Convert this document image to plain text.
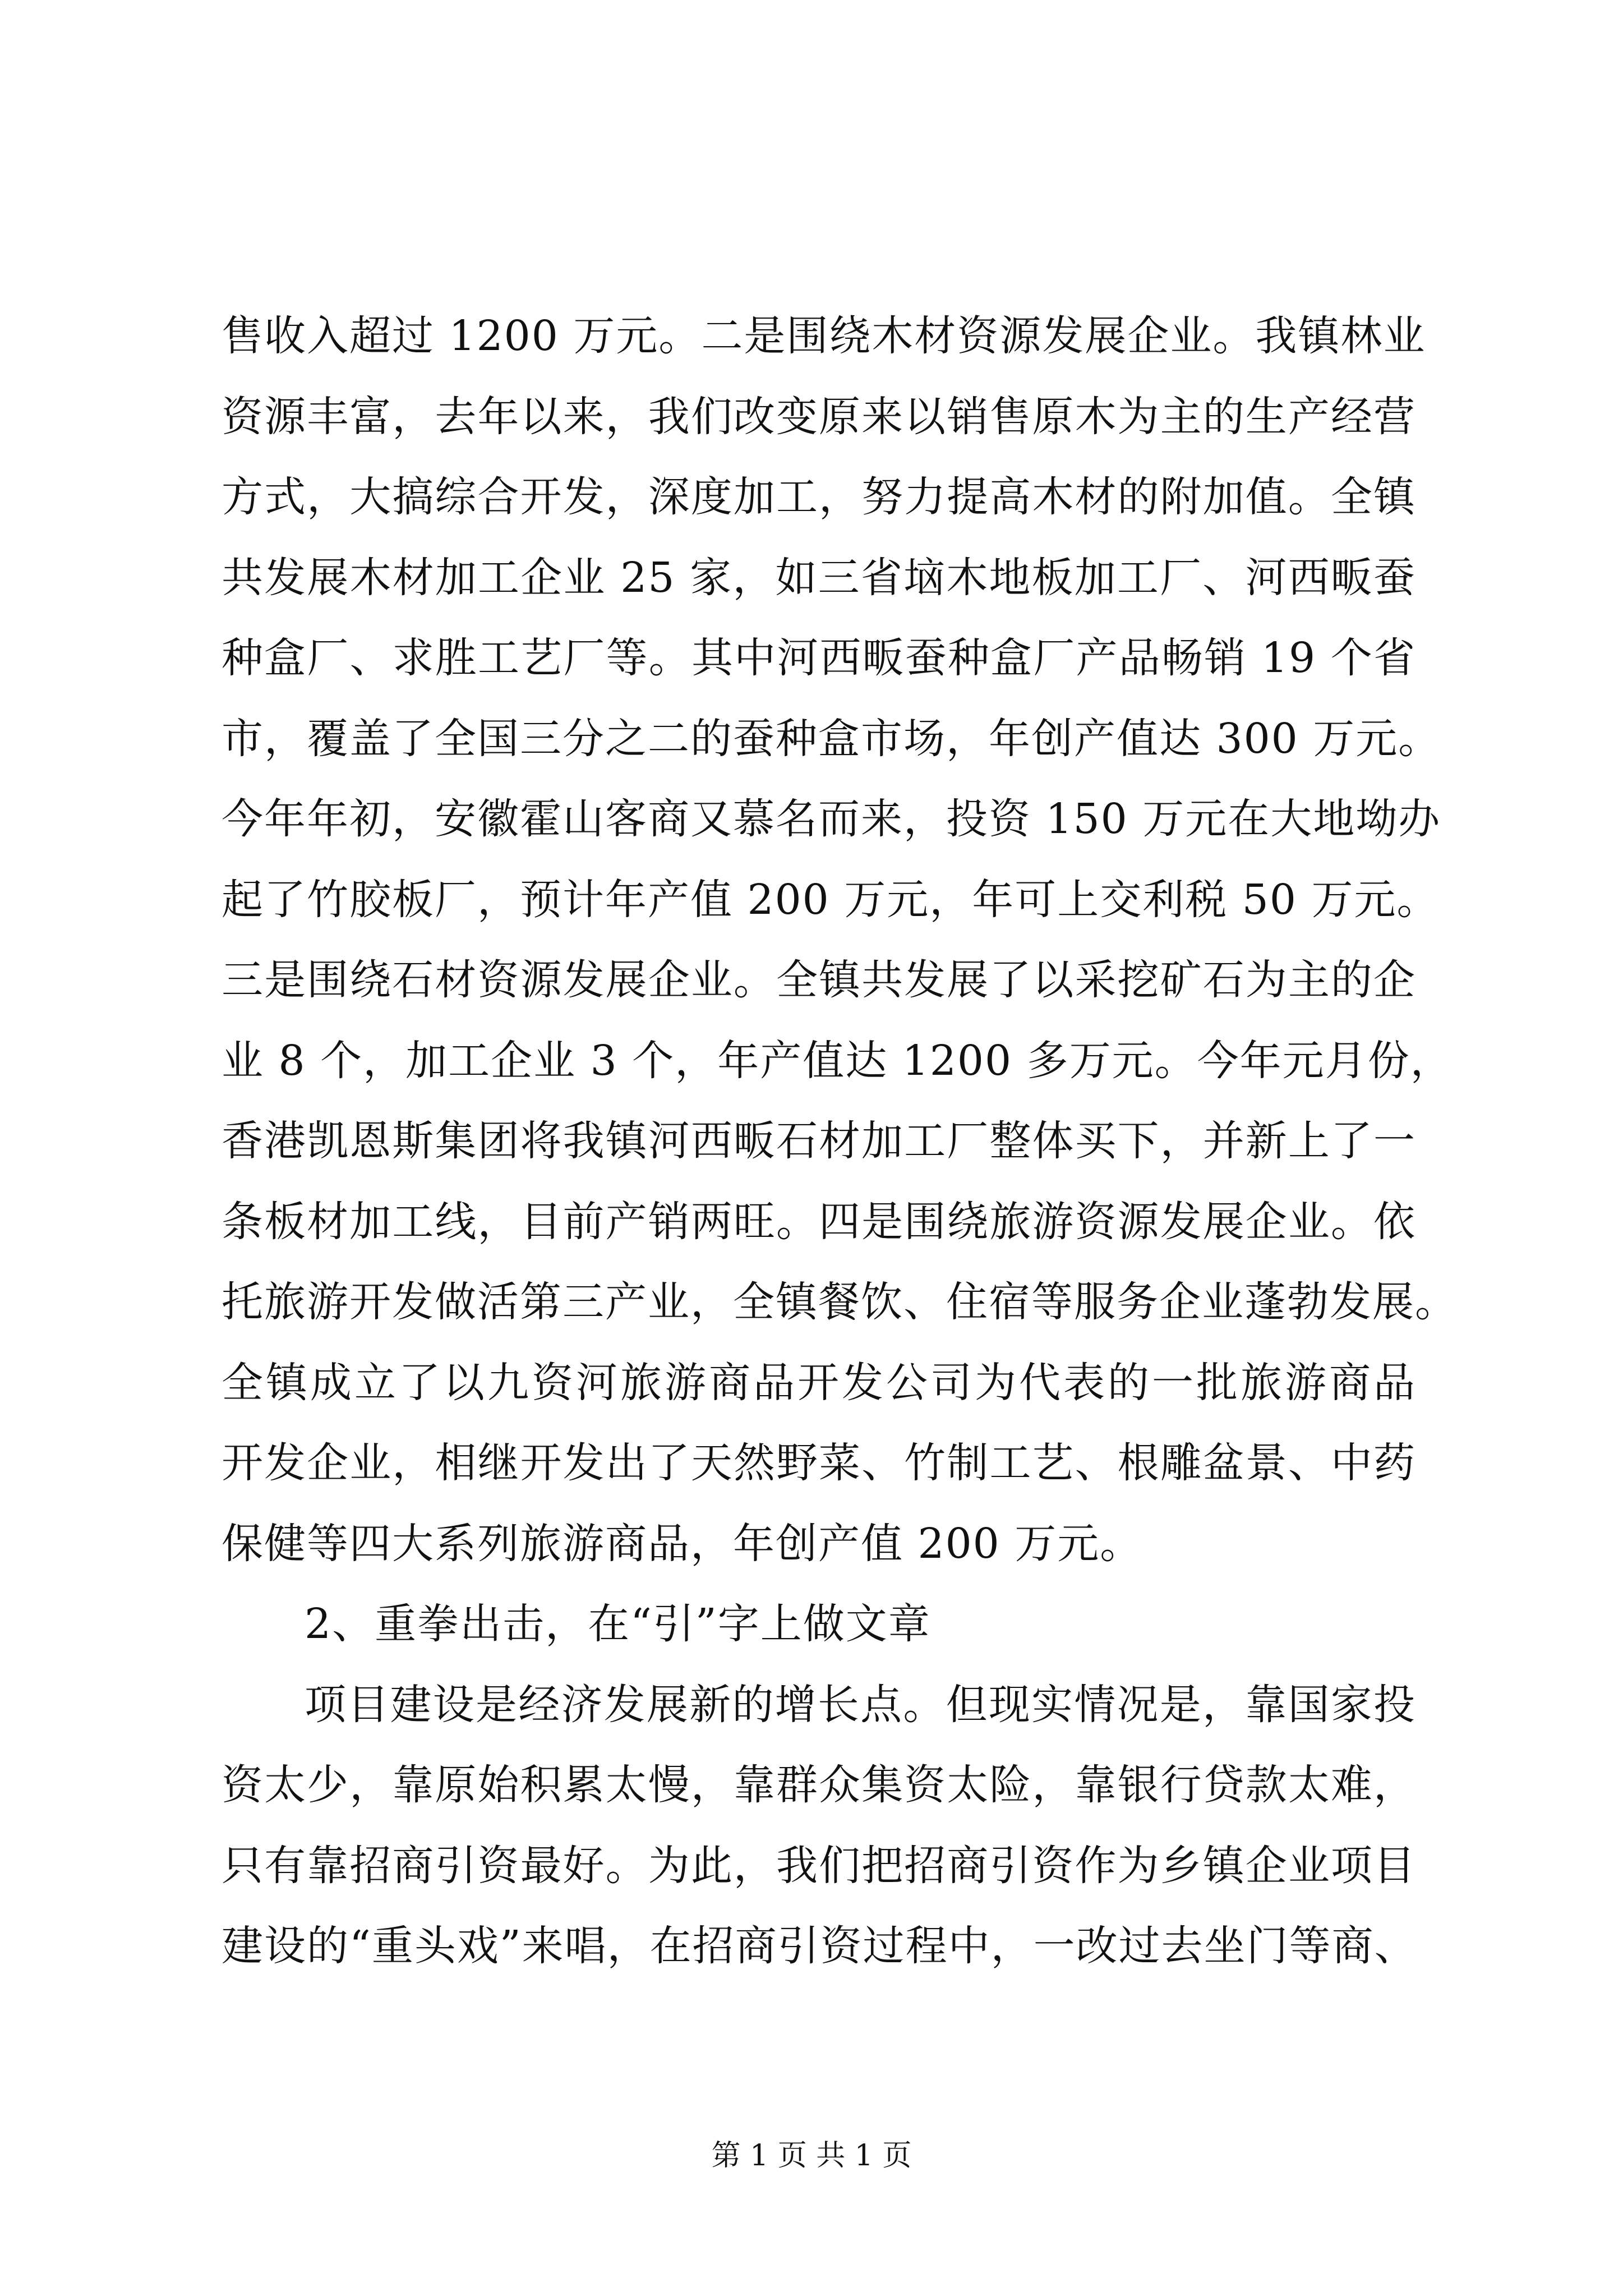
售收入超过 1200 万元。二是围绕木材资源发展企业。我镇林业
资源丰富，去年以来，我们改变原来以销售原木为主的生产经营
方式，大搞综合开发，深度加工，努力提高木材的附加值。全镇
共发展木材加工企业 25 家，如三省垴木地板加工厂、河西畈蚕
种盒厂、求胜工艺厂等。其中河西畈蚕种盒厂产品畅销 19 个省
市，覆盖了全国三分之二的蚕种盒市场，年创产值达 300 万元。
今年年初，安徽霍山客商又慕名而来，投资 150 万元在大地坳办
起了竹胶板厂，预计年产值 200 万元，年可上交利税 50 万元。
三是围绕石材资源发展企业。全镇共发展了以采挖矿石为主的企
业 8 个，加工企业 3 个，年产值达 1200 多万元。今年元月份，
香港凯恩斯集团将我镇河西畈石材加工厂整体买下，并新上了一
条板材加工线，目前产销两旺。四是围绕旅游资源发展企业。依
托旅游开发做活第三产业，全镇餐饮、住宿等服务企业蓬勃发展。
全镇成立了以九资河旅游商品开发公司为代表的一批旅游商品
开发企业，相继开发出了天然野菜、竹制工艺、根雕盆景、中药
保健等四大系列旅游商品，年创产值 200 万元。
2、重拳出击，在“引”字上做文章
项目建设是经济发展新的增长点。但现实情况是，靠国家投
资太少，靠原始积累太慢，靠群众集资太险，靠银行贷款太难，
只有靠招商引资最好。为此，我们把招商引资作为乡镇企业项目
建设的“重头戏”来唱，在招商引资过程中，一改过去坐门等商、
第 1 页 共 1 页
